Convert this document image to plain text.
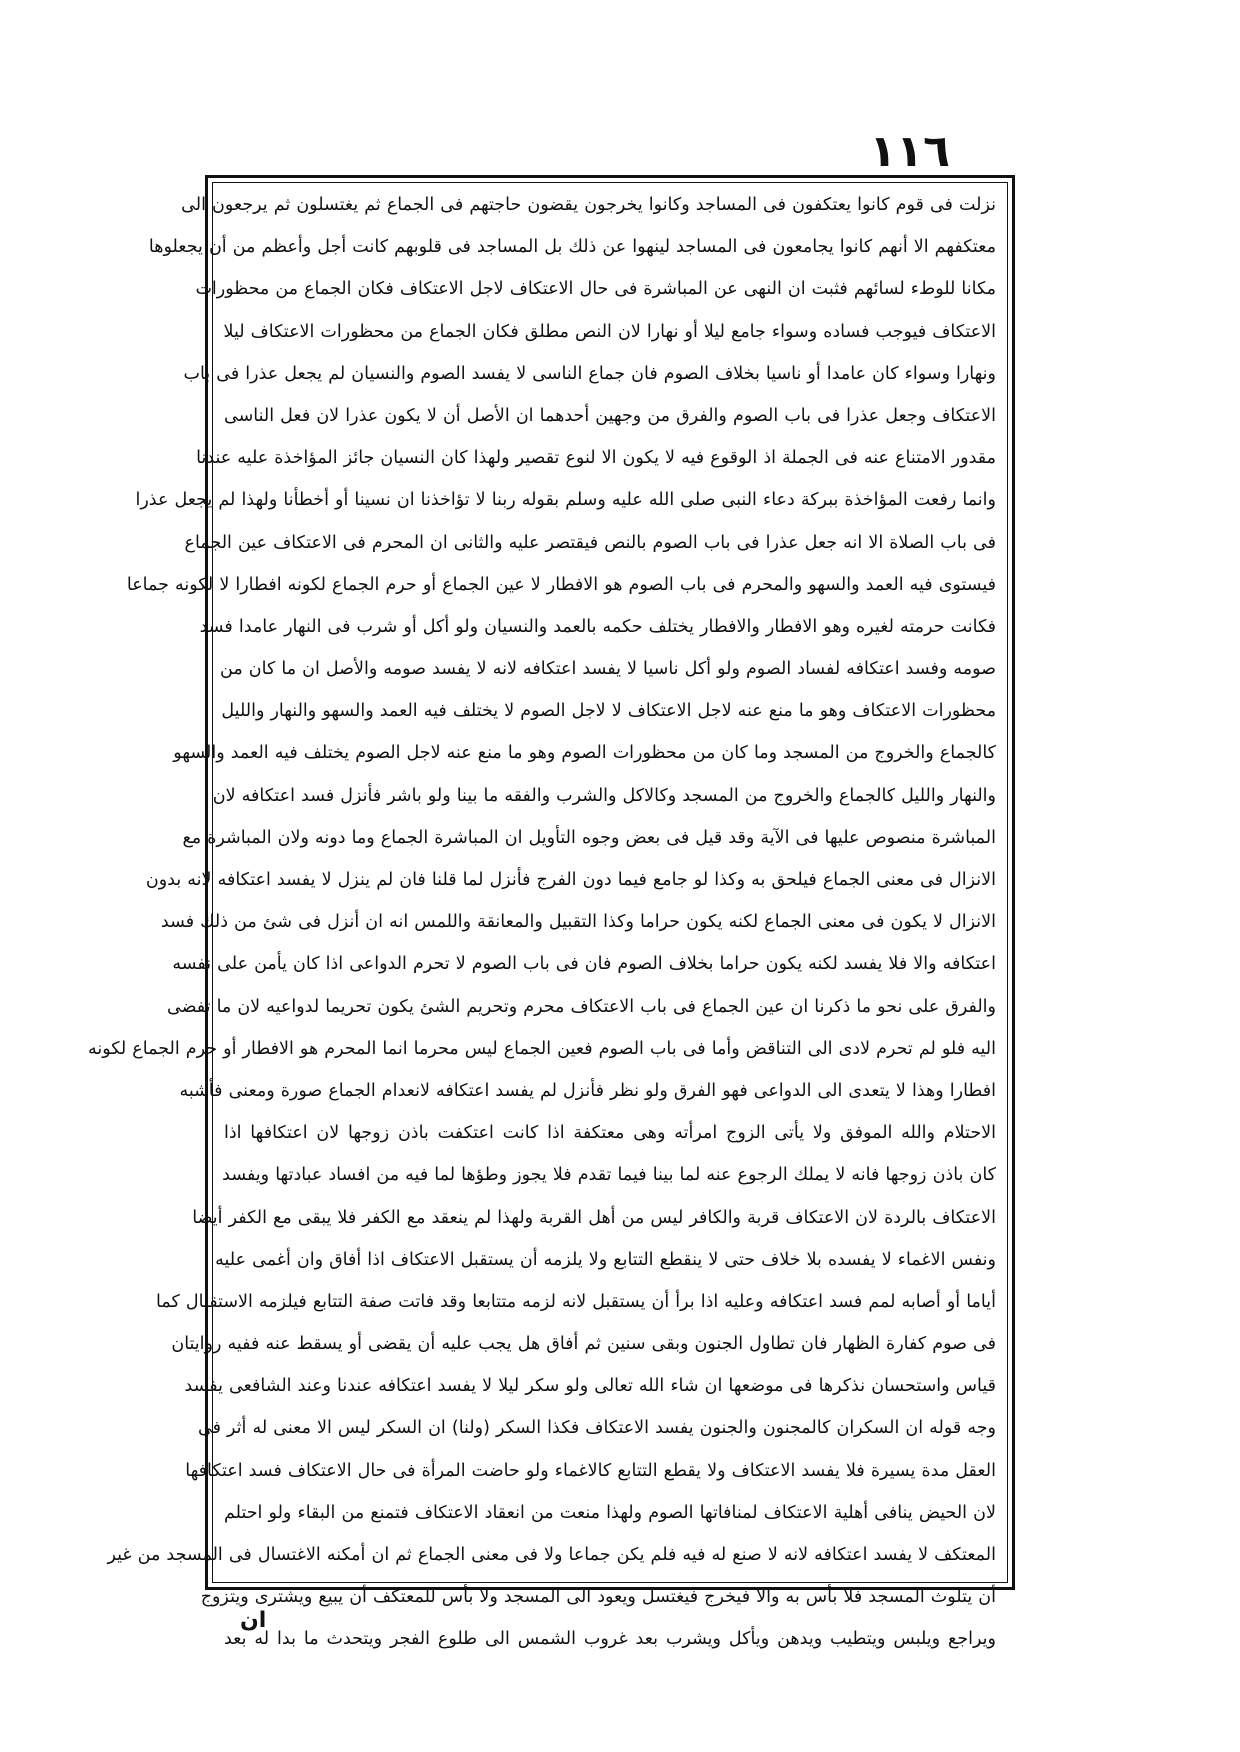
١١٦
نزلت فى قوم كانوا يعتكفون فى المساجد وكانوا يخرجون يقضون حاجتهم فى الجماع ثم يغتسلون ثم يرجعون الى
معتكفهم الا أنهم كانوا يجامعون فى المساجد لينهوا عن ذلك بل المساجد فى قلوبهم كانت أجل وأعظم من أن يجعلوها
مكانا للوطء لسائهم فثبت ان النهى عن المباشرة فى حال الاعتكاف لاجل الاعتكاف فكان الجماع من محظورات
الاعتكاف فيوجب فساده وسواء جامع ليلا أو نهارا لان النص مطلق فكان الجماع من محظورات الاعتكاف ليلا
ونهارا وسواء كان عامدا أو ناسيا بخلاف الصوم فان جماع الناسى لا يفسد الصوم والنسيان لم يجعل عذرا فى باب
الاعتكاف وجعل عذرا فى باب الصوم والفرق من وجهين أحدهما ان الأصل أن لا يكون عذرا لان فعل الناسى
مقدور الامتناع عنه فى الجملة اذ الوقوع فيه لا يكون الا لنوع تقصير ولهذا كان النسيان جائز المؤاخذة عليه عندنا
وانما رفعت المؤاخذة ببركة دعاء النبى صلى الله عليه وسلم بقوله ربنا لا تؤاخذنا ان نسينا أو أخطأنا ولهذا لم يجعل عذرا
فى باب الصلاة الا انه جعل عذرا فى باب الصوم بالنص فيقتصر عليه والثانى ان المحرم فى الاعتكاف عين الجماع
فيستوى فيه العمد والسهو والمحرم فى باب الصوم هو الافطار لا عين الجماع أو حرم الجماع لكونه افطارا لا لكونه جماعا
فكانت حرمته لغيره وهو الافطار والافطار يختلف حكمه بالعمد والنسيان ولو أكل أو شرب فى النهار عامدا فسد
صومه وفسد اعتكافه لفساد الصوم ولو أكل ناسيا لا يفسد اعتكافه لانه لا يفسد صومه والأصل ان ما كان من
محظورات الاعتكاف وهو ما منع عنه لاجل الاعتكاف لا لاجل الصوم لا يختلف فيه العمد والسهو والنهار والليل
كالجماع والخروج من المسجد وما كان من محظورات الصوم وهو ما منع عنه لاجل الصوم يختلف فيه العمد والسهو
والنهار والليل كالجماع والخروج من المسجد وكالاكل والشرب والفقه ما بينا ولو باشر فأنزل فسد اعتكافه لان
المباشرة منصوص عليها فى الآية وقد قيل فى بعض وجوه التأويل ان المباشرة الجماع وما دونه ولان المباشرة مع
الانزال فى معنى الجماع فيلحق به وكذا لو جامع فيما دون الفرج فأنزل لما قلنا فان لم ينزل لا يفسد اعتكافه لانه بدون
الانزال لا يكون فى معنى الجماع لكنه يكون حراما وكذا التقبيل والمعانقة واللمس انه ان أنزل فى شئ من ذلك فسد
اعتكافه والا فلا يفسد لكنه يكون حراما بخلاف الصوم فان فى باب الصوم لا تحرم الدواعى اذا كان يأمن على نفسه
والفرق على نحو ما ذكرنا ان عين الجماع فى باب الاعتكاف محرم وتحريم الشئ يكون تحريما لدواعيه لان ما تفضى
اليه فلو لم تحرم لادى الى التناقض وأما فى باب الصوم فعين الجماع ليس محرما انما المحرم هو الافطار أو حرم الجماع لكونه
افطارا وهذا لا يتعدى الى الدواعى فهو الفرق ولو نظر فأنزل لم يفسد اعتكافه لانعدام الجماع صورة ومعنى فأشبه
الاحتلام والله الموفق ولا يأتى الزوج امرأته وهى معتكفة اذا كانت اعتكفت باذن زوجها لان اعتكافها اذا
كان باذن زوجها فانه لا يملك الرجوع عنه لما بينا فيما تقدم فلا يجوز وطؤها لما فيه من افساد عبادتها ويفسد
الاعتكاف بالردة لان الاعتكاف قربة والكافر ليس من أهل القربة ولهذا لم ينعقد مع الكفر فلا يبقى مع الكفر أيضا
ونفس الاغماء لا يفسده بلا خلاف حتى لا ينقطع التتابع ولا يلزمه أن يستقبل الاعتكاف اذا أفاق وان أغمى عليه
أياما أو أصابه لمم فسد اعتكافه وعليه اذا برأ أن يستقبل لانه لزمه متتابعا وقد فاتت صفة التتابع فيلزمه الاستقبال كما
فى صوم كفارة الظهار فان تطاول الجنون وبقى سنين ثم أفاق هل يجب عليه أن يقضى أو يسقط عنه ففيه روايتان
قياس واستحسان نذكرها فى موضعها ان شاء الله تعالى ولو سكر ليلا لا يفسد اعتكافه عندنا وعند الشافعى يفسد
وجه قوله ان السكران كالمجنون والجنون يفسد الاعتكاف فكذا السكر (ولنا) ان السكر ليس الا معنى له أثر فى
العقل مدة يسيرة فلا يفسد الاعتكاف ولا يقطع التتابع كالاغماء ولو حاضت المرأة فى حال الاعتكاف فسد اعتكافها
لان الحيض ينافى أهلية الاعتكاف لمنافاتها الصوم ولهذا منعت من انعقاد الاعتكاف فتمنع من البقاء ولو احتلم
المعتكف لا يفسد اعتكافه لانه لا صنع له فيه فلم يكن جماعا ولا فى معنى الجماع ثم ان أمكنه الاغتسال فى المسجد من غير
أن يتلوث المسجد فلا بأس به والا فيخرج فيغتسل ويعود الى المسجد ولا بأس للمعتكف أن يبيع ويشترى ويتزوج
ويراجع ويلبس ويتطيب ويدهن ويأكل ويشرب بعد غروب الشمس الى طلوع الفجر ويتحدث ما بدا له بعد
ان
